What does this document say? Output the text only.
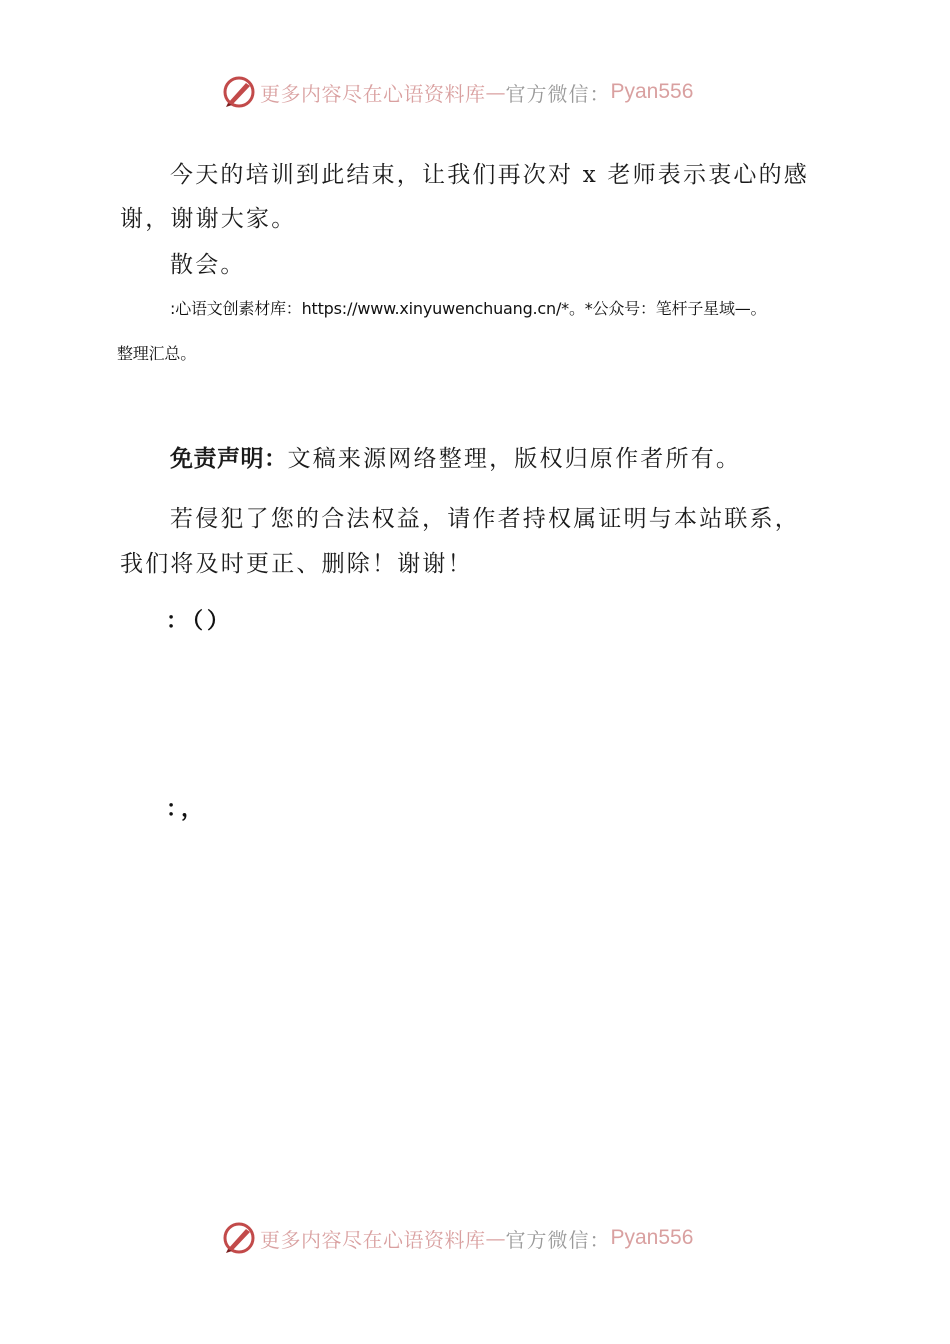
更多内容尽在心语资料库 — 官方微信： Pyan556
今天的培训到此结束，让我们再次对 x 老师表示衷心的感
谢，谢谢大家。
散会。
:心语文创素材库：https://www.xinyuwenchuang.cn/*。*公众号：笔杆子星域—。
整理汇总。
免责声明：文稿来源网络整理，版权归原作者所有。
若侵犯了您的合法权益，请作者持权属证明与本站联系，
我们将及时更正、删除！谢谢！
：（）
：，
更多内容尽在心语资料库 — 官方微信： Pyan556
